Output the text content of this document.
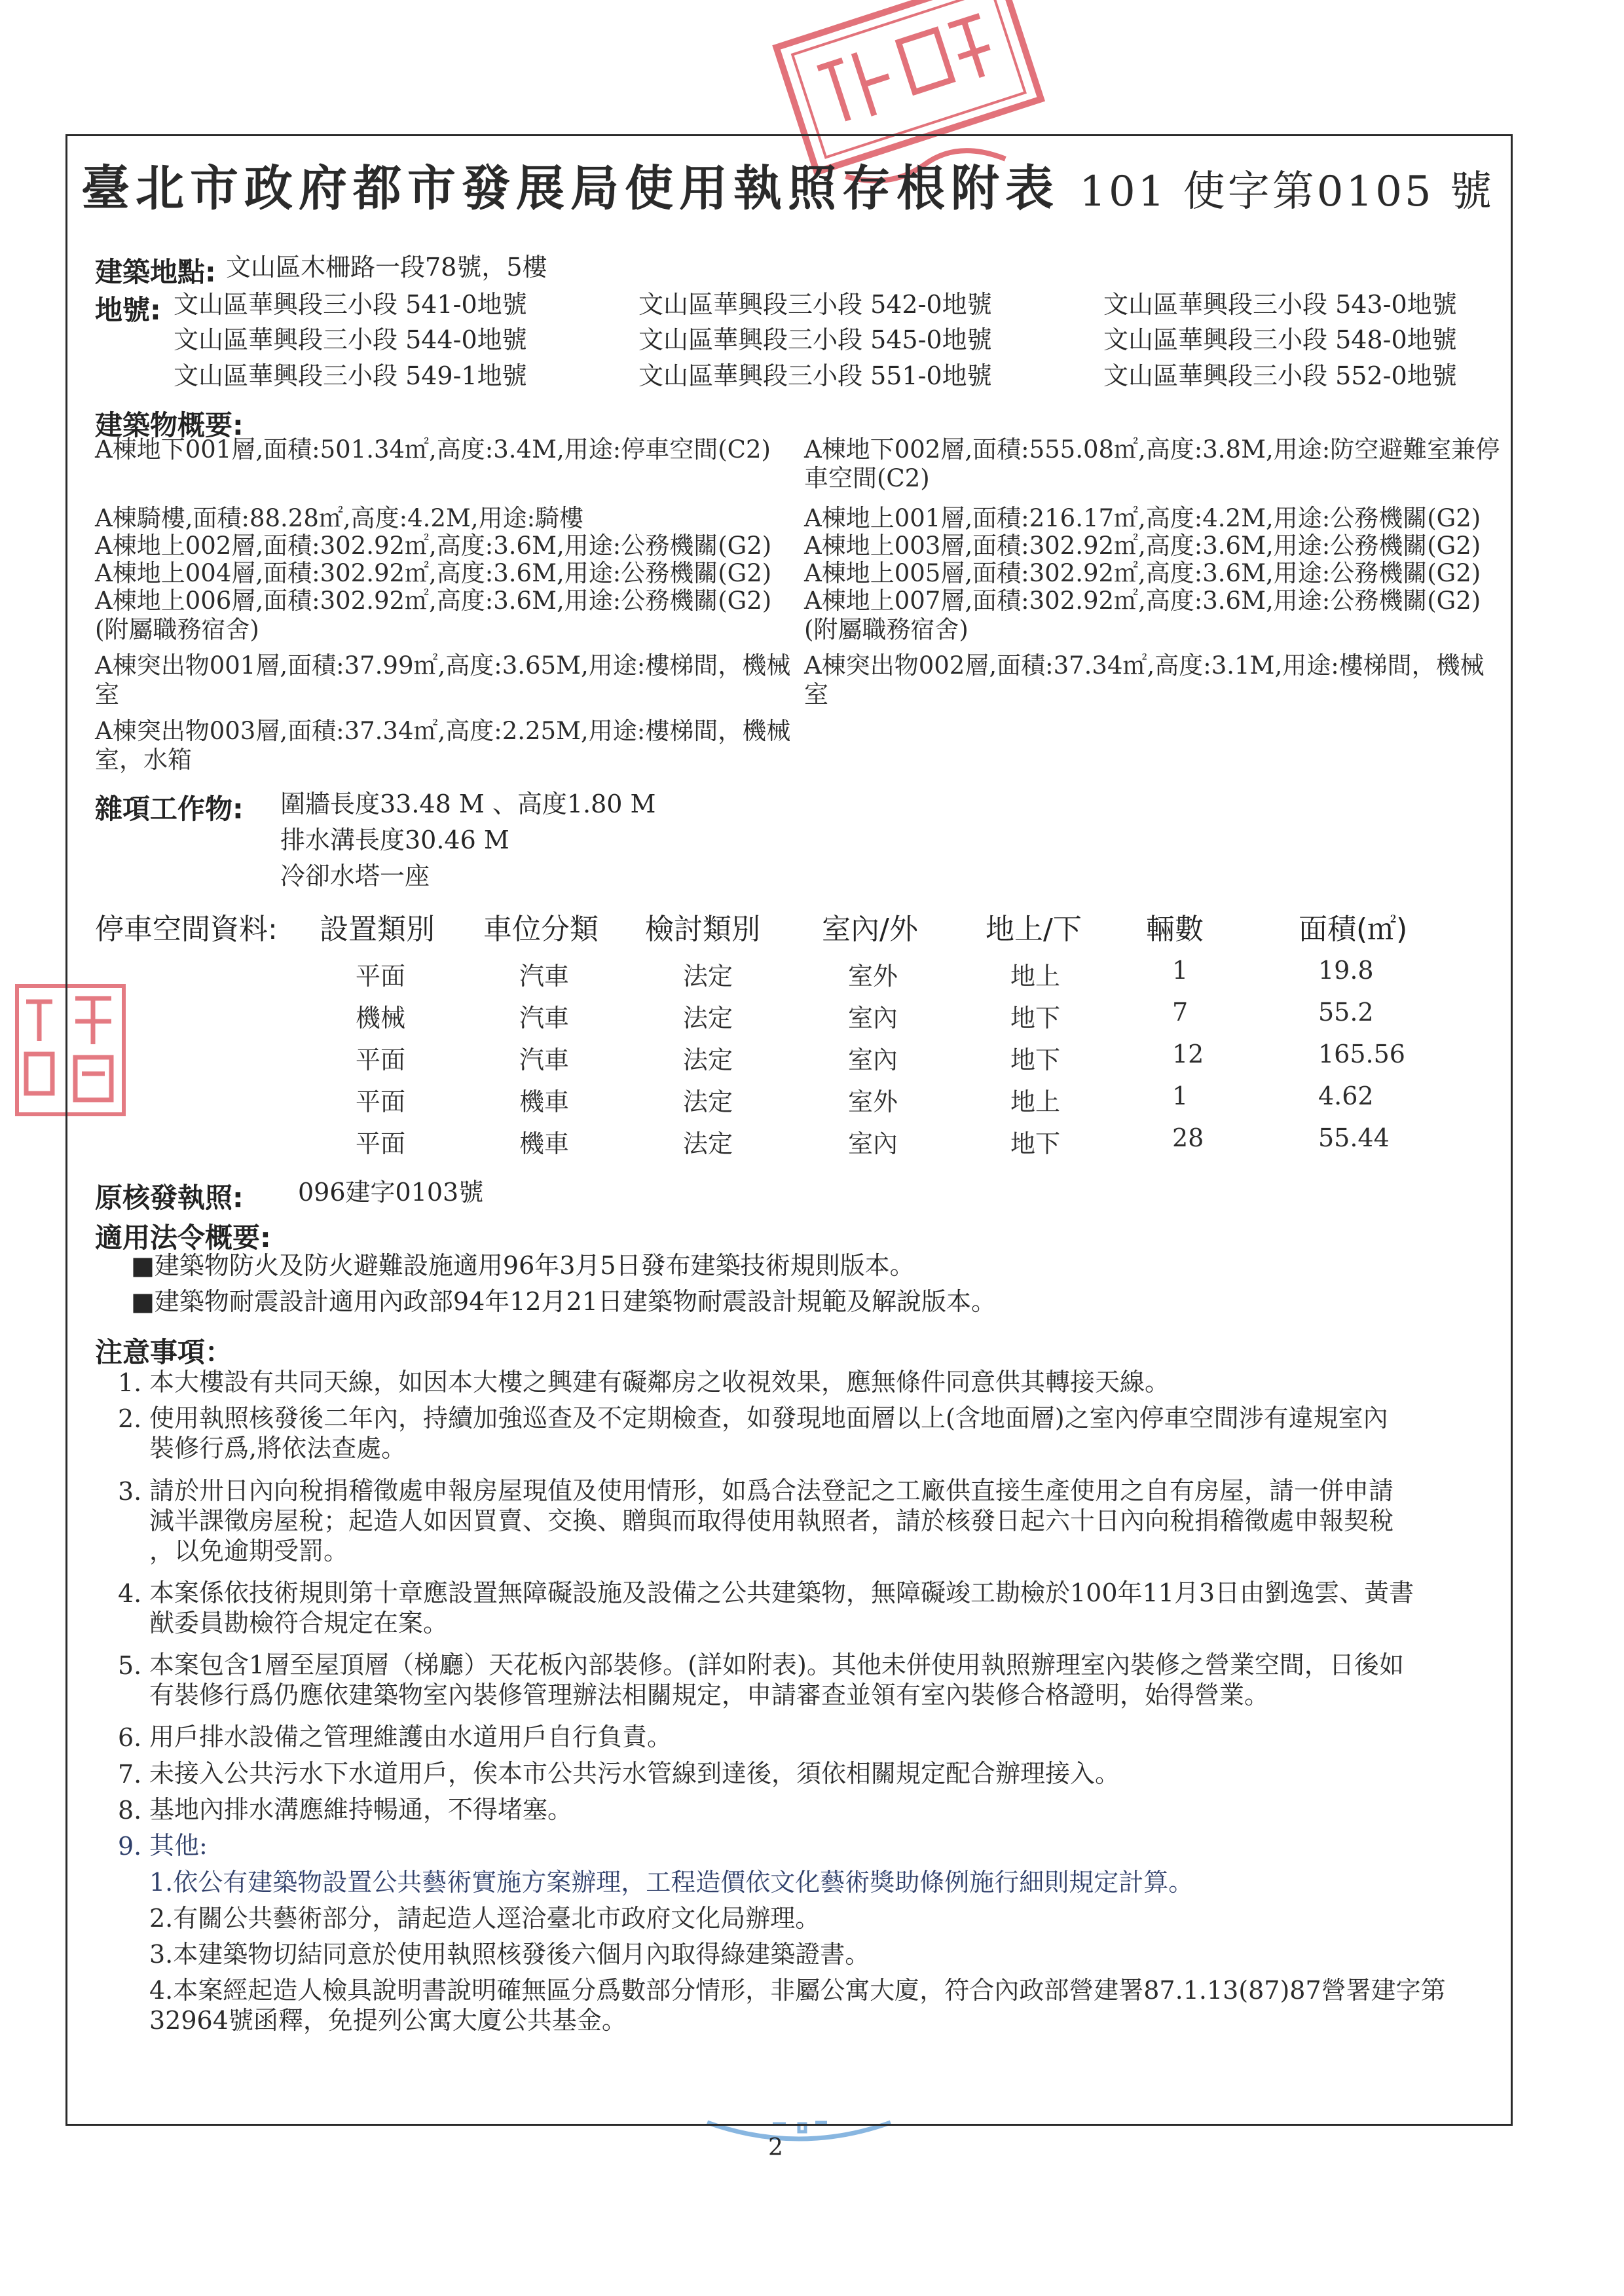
臺北市政府都市發展局使用執照存根附表 101 使字第0105 號
建築地點: 文山區木柵路一段78號，5樓
地號: 文山區華興段三小段 541-0地號	文山區華興段三小段 542-0地號	文山區華興段三小段 543-0地號
文山區華興段三小段 544-0地號	文山區華興段三小段 545-0地號	文山區華興段三小段 548-0地號
文山區華興段三小段 549-1地號	文山區華興段三小段 551-0地號	文山區華興段三小段 552-0地號
建築物概要:
A棟地下001層,面積:501.34㎡,高度:3.4M,用途:停車空間(C2)
A棟騎樓,面積:88.28㎡,高度:4.2M,用途:騎樓
A棟地上002層,面積:302.92㎡,高度:3.6M,用途:公務機關(G2)
A棟地上004層,面積:302.92㎡,高度:3.6M,用途:公務機關(G2)
A棟地上006層,面積:302.92㎡,高度:3.6M,用途:公務機關(G2)(附屬職務宿舍)
A棟突出物001層,面積:37.99㎡,高度:3.65M,用途:樓梯間，機械室
A棟突出物003層,面積:37.34㎡,高度:2.25M,用途:樓梯間，機械室，水箱
A棟地下002層,面積:555.08㎡,高度:3.8M,用途:防空避難室兼停車空間(C2)
A棟地上001層,面積:216.17㎡,高度:4.2M,用途:公務機關(G2)
A棟地上003層,面積:302.92㎡,高度:3.6M,用途:公務機關(G2)
A棟地上005層,面積:302.92㎡,高度:3.6M,用途:公務機關(G2)
A棟地上007層,面積:302.92㎡,高度:3.6M,用途:公務機關(G2)(附屬職務宿舍)
A棟突出物002層,面積:37.34㎡,高度:3.1M,用途:樓梯間，機械室
雜項工作物: 圍牆長度33.48 M 、高度1.80 M
排水溝長度30.46 M
冷卻水塔一座
停車空間資料: 設置類別 車位分類 檢討類別 室內/外 地上/下 輛數	面積(㎡)
平面	汽車	法定	室外	地上	1	19.8
機械	汽車	法定	室內	地下	7	55.2
平面	汽車	法定	室內	地下	12	165.56
平面	機車	法定	室外	地上	1	4.62
平面	機車	法定	室內	地下	28	55.44
原核發執照: 096建字0103號
適用法令概要:
■建築物防火及防火避難設施適用96年3月5日發布建築技術規則版本。
■建築物耐震設計適用內政部94年12月21日建築物耐震設計規範及解說版本。
注意事項：
1. 本大樓設有共同天線，如因本大樓之興建有礙鄰房之收視效果，應無條件同意供其轉接天線。
2. 使用執照核發後二年內，持續加強巡查及不定期檢查，如發現地面層以上(含地面層)之室內停車空間涉有違規室內
裝修行爲,將依法查處。
3. 請於卅日內向稅捐稽徵處申報房屋現值及使用情形，如爲合法登記之工廠供直接生產使用之自有房屋，請一併申請
減半課徵房屋稅；起造人如因買賣、交換、贈與而取得使用執照者，請於核發日起六十日內向稅捐稽徵處申報契稅
，以免逾期受罰。
4. 本案係依技術規則第十章應設置無障礙設施及設備之公共建築物，無障礙竣工勘檢於100年11月3日由劉逸雲、黃書
猷委員勘檢符合規定在案。
5. 本案包含1層至屋頂層（梯廳）天花板內部裝修。(詳如附表)。其他未併使用執照辦理室內裝修之營業空間，日後如
有裝修行爲仍應依建築物室內裝修管理辦法相關規定，申請審查並領有室內裝修合格證明，始得營業。
6. 用戶排水設備之管理維護由水道用戶自行負責。
7. 未接入公共污水下水道用戶，俟本市公共污水管線到達後，須依相關規定配合辦理接入。
8. 基地內排水溝應維持暢通，不得堵塞。
9. 其他:
1.依公有建築物設置公共藝術實施方案辦理，工程造價依文化藝術獎助條例施行細則規定計算。
2.有關公共藝術部分，請起造人逕洽臺北市政府文化局辦理。
3.本建築物切結同意於使用執照核發後六個月內取得綠建築證書。
4.本案經起造人檢具說明書說明確無區分爲數部分情形，非屬公寓大廈，符合內政部營建署87.1.13(87)87營署建字第
32964號函釋，免提列公寓大廈公共基金。
2
